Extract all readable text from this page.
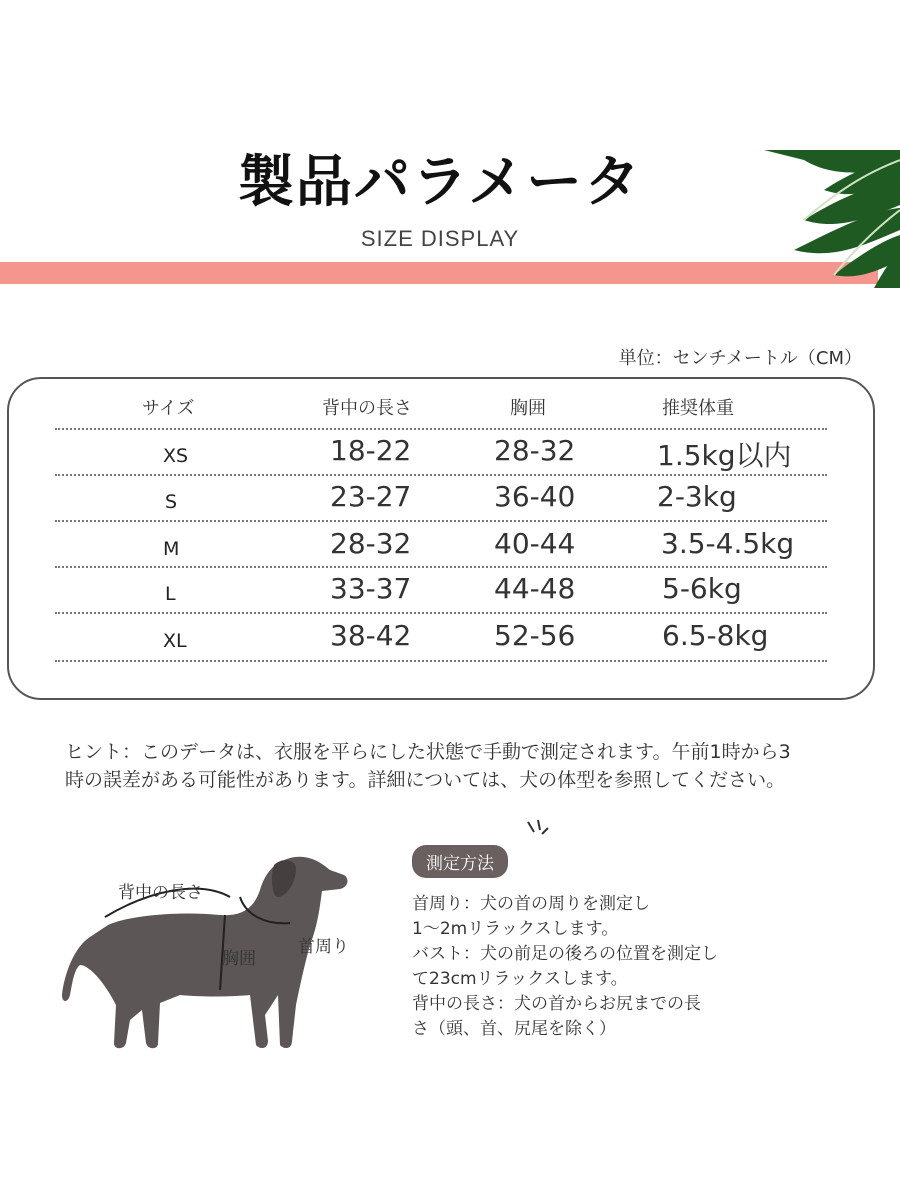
製品パラメータ
SIZE DISPLAY
単位：センチメートル（CM）
サイズ	背中の長さ	胸囲	推奨体重
XS	18-22	28-32	1.5kg以内
S	23-27	36-40	2-3kg
M	28-32	40-44	3.5-4.5kg
L	33-37	44-48	5-6kg
XL	38-42	52-56	6.5-8kg
ヒント：このデータは、衣服を平らにした状態で手動で測定されます。午前1時から3
時の誤差がある可能性があります。詳細については、犬の体型を参照してください。
背中の長さ
胸囲
首周り
測定方法
首周り：犬の首の周りを測定し
1～2mリラックスします。
バスト：犬の前足の後ろの位置を測定し
て23cmリラックスします。
背中の長さ：犬の首からお尻までの長
さ（頭、首、尻尾を除く）
